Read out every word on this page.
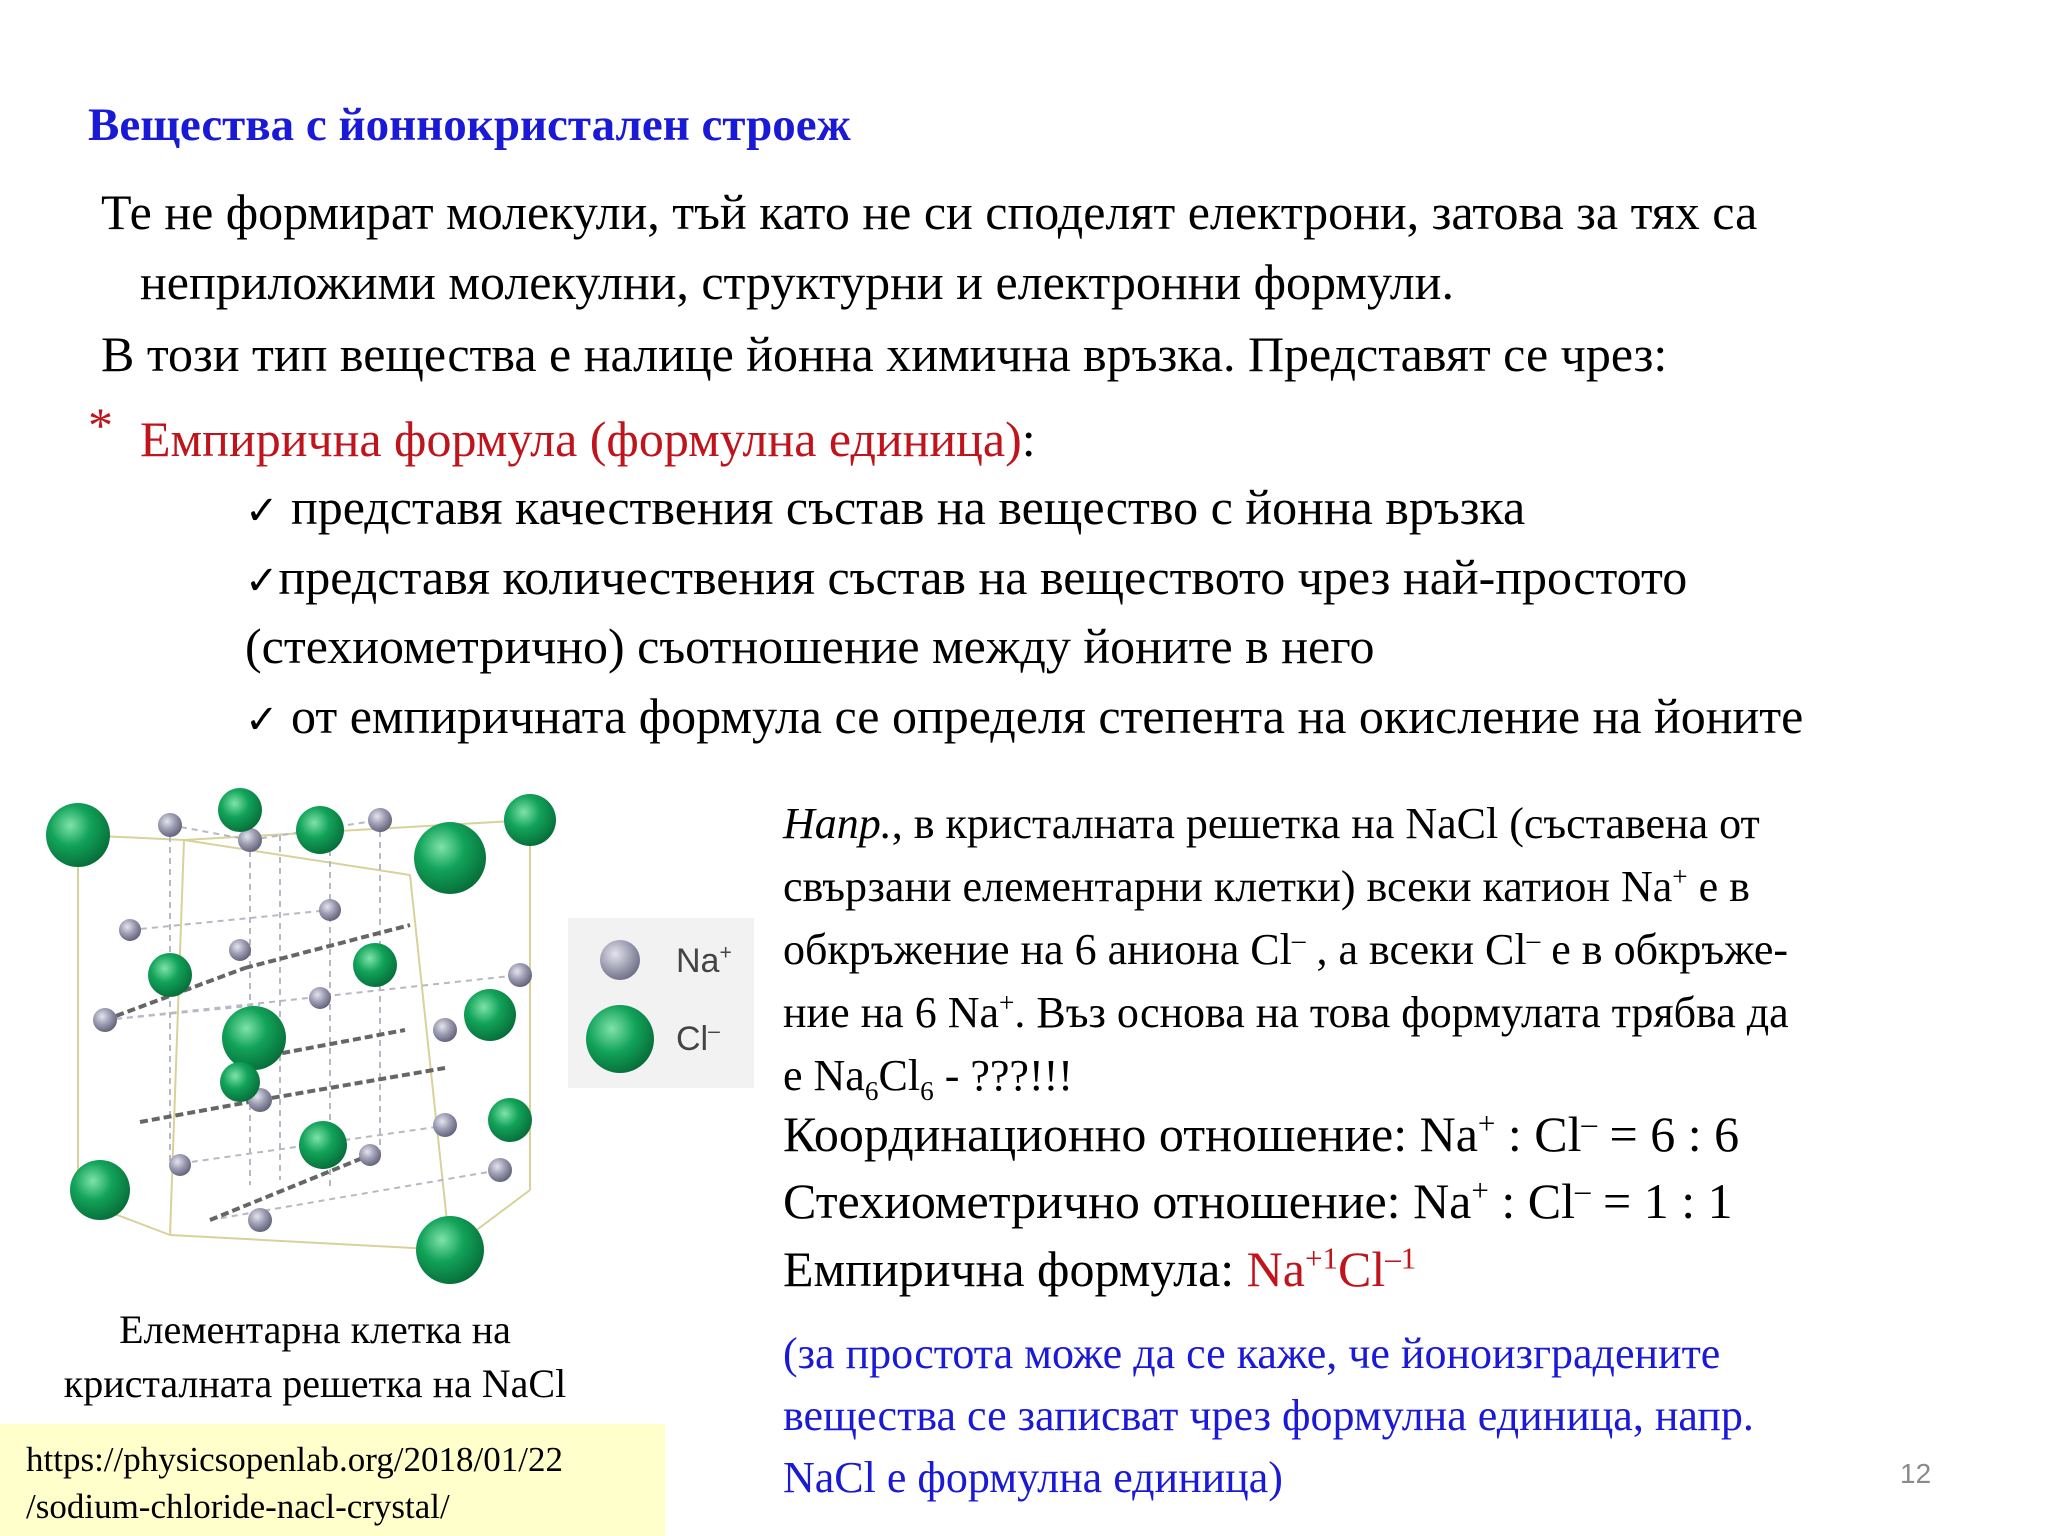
Вещества с йоннокристален строеж
Те не формират молекули, тъй като не си споделят електрони, затова за тях са
неприложими молекулни, структурни и електронни формули.
В този тип вещества е налице йонна химична връзка. Представят се чрез:
* Емпирична формула (формулна единица):
✓ представя качествения състав на вещество с йонна връзка
✓представя количествения състав на веществото чрез най-простото
(стехиометрично) съотношение между йоните в него
✓ от емпиричната формула се определя степента на окисление на йоните
Na+
Cl–
Елементарна клетка на
кристалната решетка на NaCl
https://physicsopenlab.org/2018/01/22
/sodium-chloride-nacl-crystal/
Напр., в кристалната решетка на NaCl (съставена от
свързани елементарни клетки) всеки катион Na+ е в
обкръжение на 6 аниона Cl– , а всеки Cl– е в обкръже-
ние на 6 Na+. Въз основа на това формулата трябва да
е $Na_6Cl_6$ - ???!!!
Координационно отношение: Na+ : Cl– = 6 : 6
Стехиометрично отношение: Na+ : Cl– = 1 : 1
Емпирична формула: $Na^{+1}Cl^{-1}$
(за простота може да се каже, че йоноизградените
вещества се записват чрез формулна единица, напр.
NaCl е формулна единица)	12
